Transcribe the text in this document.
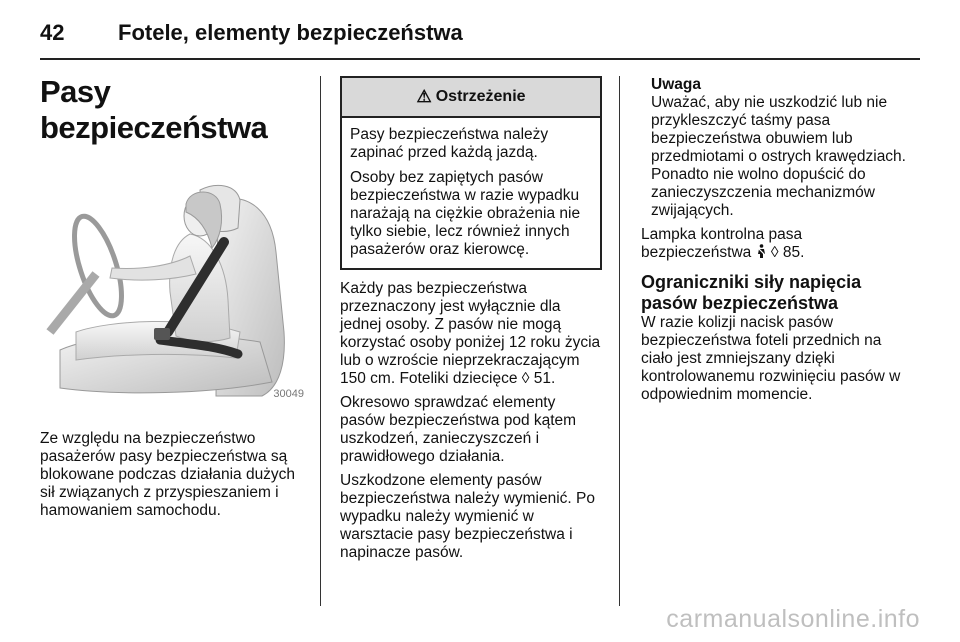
42 Fotele, elementy bezpieczeństwa
Pasy bezpieczeństwa
30049

Ze względu na bezpieczeństwo pasażerów pasy bezpieczeństwa są blokowane podczas działania dużych sił związanych z przyspieszaniem i hamowaniem samochodu.

⚠ Ostrzeżenie

Pasy bezpieczeństwa należy zapinać przed każdą jazdą.

Osoby bez zapiętych pasów bezpieczeństwa w razie wypadku narażają na ciężkie obrażenia nie tylko siebie, lecz również innych pasażerów oraz kierowcę.

Każdy pas bezpieczeństwa przeznaczony jest wyłącznie dla jednej osoby. Z pasów nie mogą korzystać osoby poniżej 12 roku życia lub o wzroście nieprzekraczającym 150 cm. Foteliki dziecięce ◊ 51.

Okresowo sprawdzać elementy pasów bezpieczeństwa pod kątem uszkodzeń, zanieczyszczeń i prawidłowego działania.

Uszkodzone elementy pasów bezpieczeństwa należy wymienić. Po wypadku należy wymienić w warsztacie pasy bezpieczeństwa i napinacze pasów.

Uwaga

Uważać, aby nie uszkodzić lub nie przykleszczyć taśmy pasa bezpieczeństwa obuwiem lub przedmiotami o ostrych krawędziach. Ponadto nie wolno dopuścić do zanieczyszczenia mechanizmów zwijających.

Lampka kontrolna pasa bezpieczeństwa ◊ 85.

Ograniczniki siły napięcia pasów bezpieczeństwa

W razie kolizji nacisk pasów bezpieczeństwa foteli przednich na ciało jest zmniejszany dzięki kontrolowanemu rozwinięciu pasów w odpowiednim momencie.

carmanualsonline.info
